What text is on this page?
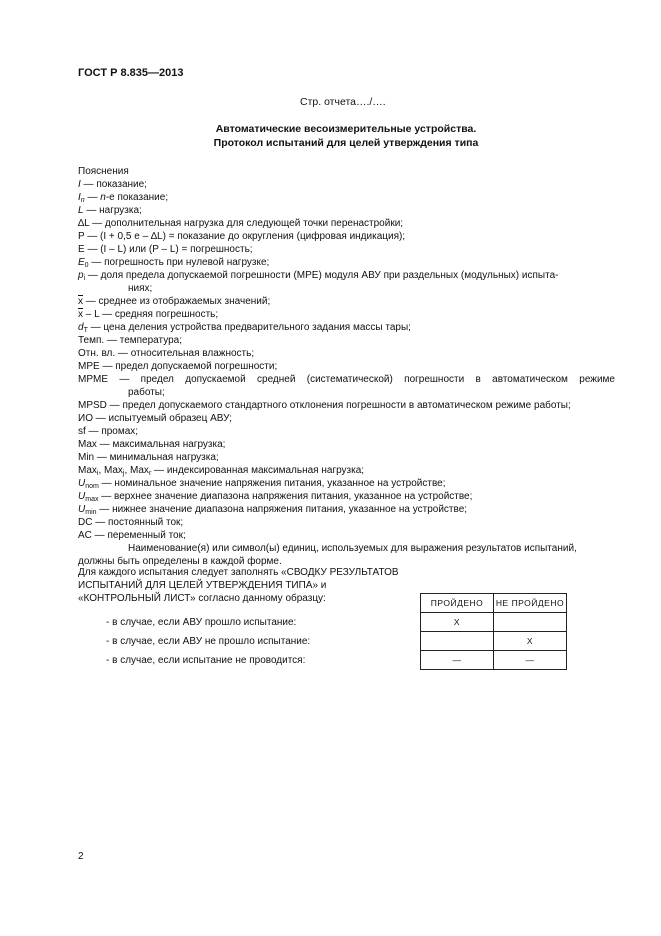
ГОСТ Р 8.835—2013
Стр. отчета…./….
Автоматические весоизмерительные устройства.
Протокол испытаний для целей утверждения типа

Пояснения

I — показание;

$I_n$ — n-е показание;

L — нагрузка;

∆L — дополнительная нагрузка для следующей точки перенастройки;

P — (I + 0,5 e – ∆L) = показание до округления (цифровая индикация);

E — (I – L) или (P – L) = погрешность;

$E_0$ — погрешность при нулевой нагрузке;

$p_i$ — доля предела допускаемой погрешности (MPE) модуля АВУ при раздельных (модульных) испыта-

ниях;

$\overline{x}$ — среднее из отображаемых значений;

$\overline{x}$ – L — средняя погрешность;

$d_T$ — цена деления устройства предварительного задания массы тары;

Темп. — температура;

Отн. вл. — относительная влажность;

MPE — предел допускаемой погрешности;

MPME — предел допускаемой средней (систематической) погрешности в автоматическом режиме

работы;

MPSD — предел допускаемого стандартного отклонения погрешности в автоматическом режиме работы;

ИО — испытуемый образец АВУ;

sf — промах;

Max — максимальная нагрузка;

Min — минимальная нагрузка;

Max$_i$, Max$_j$, Max$_r$ — индексированная максимальная нагрузка;

$U_{nom}$ — номинальное значение напряжения питания, указанное на устройстве;

$U_{max}$ — верхнее значение диапазона напряжения питания, указанное на устройстве;

$U_{min}$ — нижнее значение диапазона напряжения питания, указанное на устройстве;

DC — постоянный ток;

AC — переменный ток;

Наименование(я) или символ(ы) единиц, используемых для выражения результатов испытаний, должны быть определены в каждой форме.

Для каждого испытания следует заполнять «СВОДКУ РЕЗУЛЬТАТОВ

ИСПЫТАНИЙ ДЛЯ ЦЕЛЕЙ УТВЕРЖДЕНИЯ ТИПА» и

«КОНТРОЛЬНЫЙ ЛИСТ» согласно данному образцу:

- в случае, если АВУ прошло испытание:
- в случае, если АВУ не прошло испытание:
- в случае, если испытание не проводится:
ПРОЙДЕНО	НЕ ПРОЙДЕНО
X	
	X
—	—
2
